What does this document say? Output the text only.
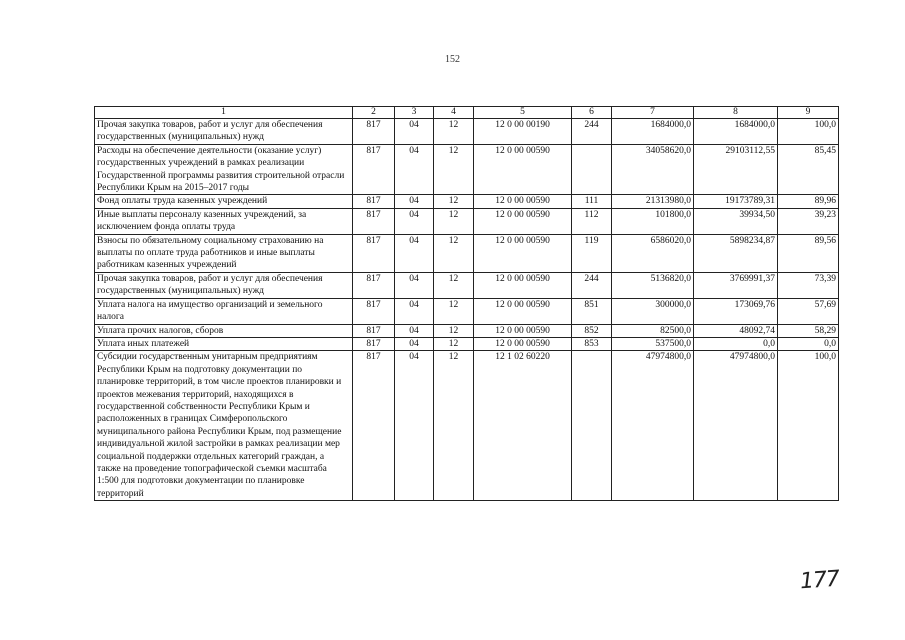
152
1	2	3	4	5	6	7	8	9
Прочая закупка товаров, работ и услуг для обеспечения государственных (муниципальных) нужд	817	04	12	12 0 00 00190	244	1684000,0	1684000,0	100,0
Расходы на обеспечение деятельности (оказание услуг) государственных учреждений в рамках реализации Государственной программы развития строительной отрасли Республики Крым на 2015–2017 годы	817	04	12	12 0 00 00590		34058620,0	29103112,55	85,45
Фонд оплаты труда казенных учреждений	817	04	12	12 0 00 00590	111	21313980,0	19173789,31	89,96
Иные выплаты персоналу казенных учреждений, за исключением фонда оплаты труда	817	04	12	12 0 00 00590	112	101800,0	39934,50	39,23
Взносы по обязательному социальному страхованию на выплаты по оплате труда работников и иные выплаты работникам казенных учреждений	817	04	12	12 0 00 00590	119	6586020,0	5898234,87	89,56
Прочая закупка товаров, работ и услуг для обеспечения государственных (муниципальных) нужд	817	04	12	12 0 00 00590	244	5136820,0	3769991,37	73,39
Уплата налога на имущество организаций и земельного налога	817	04	12	12 0 00 00590	851	300000,0	173069,76	57,69
Уплата прочих налогов, сборов	817	04	12	12 0 00 00590	852	82500,0	48092,74	58,29
Уплата иных платежей	817	04	12	12 0 00 00590	853	537500,0	0,0	0,0
Субсидии государственным унитарным предприятиям Республики Крым на подготовку документации по планировке территорий, в том числе проектов планировки и проектов межевания территорий, находящихся в государственной собственности Республики Крым и расположенных в границах Симферопольского муниципального района Республики Крым, под размещение индивидуальной жилой застройки в рамках реализации мер социальной поддержки отдельных категорий граждан, а также на проведение топографической съемки масштаба 1:500 для подготовки документации по планировке территорий	817	04	12	12 1 02 60220		47974800,0	47974800,0	100,0
177
